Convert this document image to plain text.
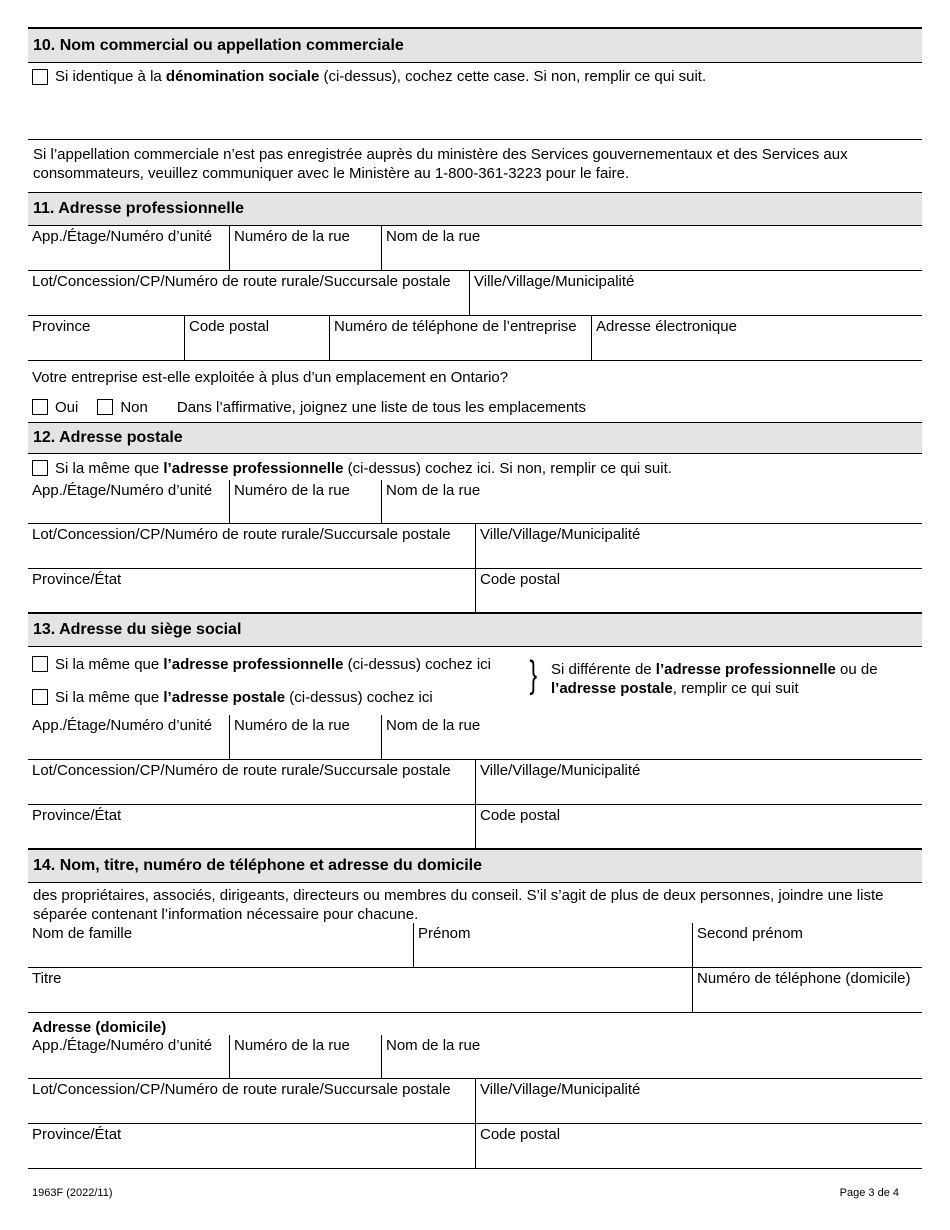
10. Nom commercial ou appellation commerciale
Si identique à la dénomination sociale (ci-dessus), cochez cette case. Si non, remplir ce qui suit.
Si l’appellation commerciale n’est pas enregistrée auprès du ministère des Services gouvernementaux et des Services aux consommateurs, veuillez communiquer avec le Ministère au 1-800-361-3223 pour le faire.
11. Adresse professionnelle
App./Étage/Numéro d’unité	Numéro de la rue	Nom de la rue
Lot/Concession/CP/Numéro de route rurale/Succursale postale	Ville/Village/Municipalité
Province	Code postal	Numéro de téléphone de l’entreprise	Adresse électronique
Votre entreprise est-elle exploitée à plus d’un emplacement en Ontario?
Oui	Non Dans l’affirmative, joignez une liste de tous les emplacements
12. Adresse postale
Si la même que l’adresse professionnelle (ci-dessus) cochez ici. Si non, remplir ce qui suit.
App./Étage/Numéro d’unité	Numéro de la rue	Nom de la rue
Lot/Concession/CP/Numéro de route rurale/Succursale postale	Ville/Village/Municipalité
Province/État	Code postal
13. Adresse du siège social
Si la même que l’adresse professionnelle (ci-dessus) cochez ici
Si la même que l’adresse postale (ci-dessus) cochez ici
} Si différente de l’adresse professionnelle ou de l’adresse postale, remplir ce qui suit
App./Étage/Numéro d’unité	Numéro de la rue	Nom de la rue
Lot/Concession/CP/Numéro de route rurale/Succursale postale	Ville/Village/Municipalité
Province/État	Code postal
14. Nom, titre, numéro de téléphone et adresse du domicile
des propriétaires, associés, dirigeants, directeurs ou membres du conseil. S’il s’agit de plus de deux personnes, joindre une liste séparée contenant l’information nécessaire pour chacune.
Nom de famille	Prénom	Second prénom
Titre	Numéro de téléphone (domicile)
Adresse (domicile)
App./Étage/Numéro d’unité	Numéro de la rue	Nom de la rue
Lot/Concession/CP/Numéro de route rurale/Succursale postale	Ville/Village/Municipalité
Province/État	Code postal
1963F (2022/11)	Page 3 de 4
